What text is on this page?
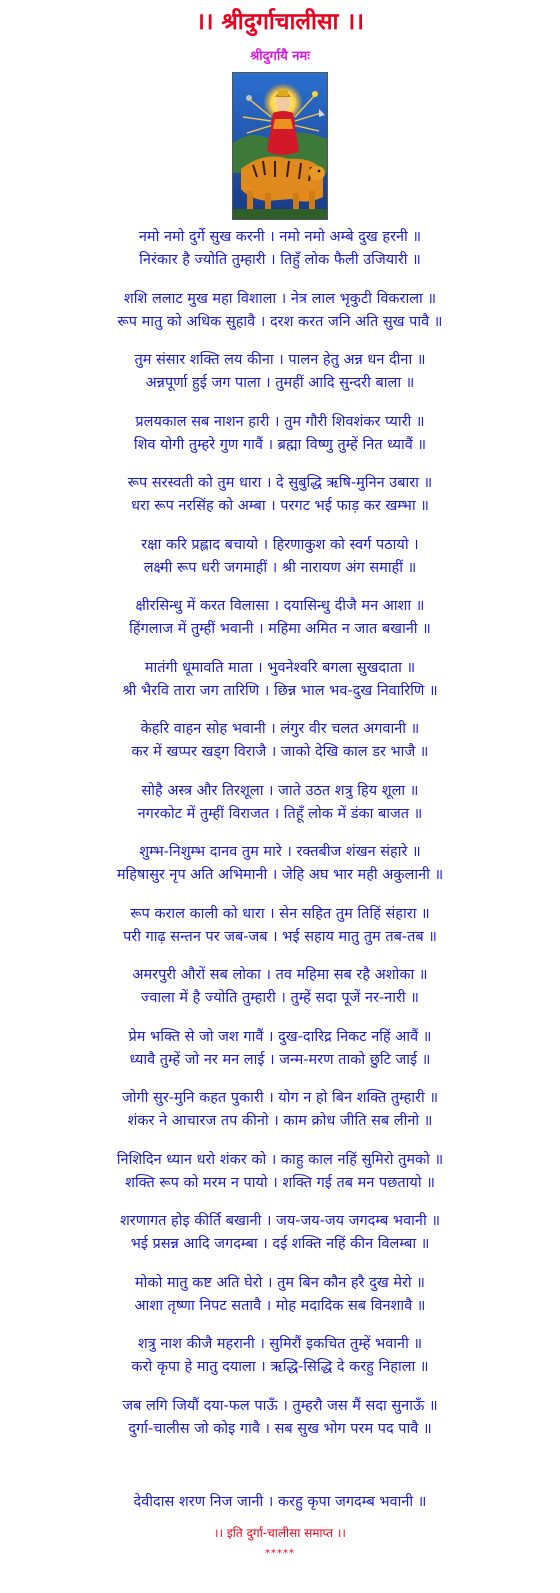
।। श्रीदुर्गाचालीसा ।।
श्रीदुर्गायै नमः
नमो नमो दुर्गे सुख करनी । नमो नमो अम्बे दुख हरनी ॥
निरंकार है ज्योति तुम्हारी । तिहुँ लोक फैली उजियारी ॥
शशि ललाट मुख महा विशाला । नेत्र लाल भृकुटी विकराला ॥
रूप मातु को अधिक सुहावै । दरश करत जनि अति सुख पावै ॥
तुम संसार शक्ति लय कीना । पालन हेतु अन्न धन दीना ॥
अन्नपूर्णा हुई जग पाला । तुमहीं आदि सुन्दरी बाला ॥
प्रलयकाल सब नाशन हारी । तुम गौरी शिवशंकर प्यारी ॥
शिव योगी तुम्हरे गुण गावैं । ब्रह्मा विष्णु तुम्हें नित ध्यावैं ॥
रूप सरस्वती को तुम धारा । दे सुबुद्धि ऋषि-मुनिन उबारा ॥
धरा रूप नरसिंह को अम्बा । परगट भई फाड़ कर खम्भा ॥
रक्षा करि प्रह्लाद बचायो । हिरणाकुश को स्वर्ग पठायो ।
लक्ष्मी रूप धरी जगमाहीं । श्री नारायण अंग समाहीं ॥
क्षीरसिन्धु में करत विलासा । दयासिन्धु दीजै मन आशा ॥
हिंगलाज में तुम्हीं भवानी । महिमा अमित न जात बखानी ॥
मातंगी धूमावति माता । भुवनेश्वरि बगला सुखदाता ॥
श्री भैरवि तारा जग तारिणि । छिन्न भाल भव-दुख निवारिणि ॥
केहरि वाहन सोह भवानी । लंगुर वीर चलत अगवानी ॥
कर में खप्पर खड्ग विराजै । जाको देखि काल डर भाजै ॥
सोहै अस्त्र और तिरशूला । जाते उठत शत्रु हिय शूला ॥
नगरकोट में तुम्हीं विराजत । तिहूँ लोक में डंका बाजत ॥
शुम्भ-निशुम्भ दानव तुम मारे । रक्तबीज शंखन संहारे ॥
महिषासुर नृप अति अभिमानी । जेहि अघ भार मही अकुलानी ॥
रूप कराल काली को धारा । सेन सहित तुम तिहिं संहारा ॥
परी गाढ़ सन्तन पर जब-जब । भई सहाय मातु तुम तब-तब ॥
अमरपुरी औरों सब लोका । तव महिमा सब रहै अशोका ॥
ज्वाला में है ज्योति तुम्हारी । तुम्हें सदा पूजें नर-नारी ॥
प्रेम भक्ति से जो जश गावैं । दुख-दारिद्र निकट नहिं आवैं ॥
ध्यावै तुम्हें जो नर मन लाई । जन्म-मरण ताको छुटि जाई ॥
जोगी सुर-मुनि कहत पुकारी । योग न हो बिन शक्ति तुम्हारी ॥
शंकर ने आचारज तप कीनो । काम क्रोध जीति सब लीनो ॥
निशिदिन ध्यान धरो शंकर को । काहु काल नहिं सुमिरो तुमको ॥
शक्ति रूप को मरम न पायो । शक्ति गई तब मन पछतायो ॥
शरणागत होइ कीर्ति बखानी । जय-जय-जय जगदम्ब भवानी ॥
भई प्रसन्न आदि जगदम्बा । दई शक्ति नहिं कीन विलम्बा ॥
मोको मातु कष्ट अति घेरो । तुम बिन कौन हरै दुख मेरो ॥
आशा तृष्णा निपट सतावै । मोह मदादिक सब विनशावै ॥
शत्रु नाश कीजै महरानी । सुमिरौं इकचित तुम्हें भवानी ॥
करो कृपा हे मातु दयाला । ऋद्धि-सिद्धि दे करहु निहाला ॥
जब लगि जियौं दया-फल पाऊँ । तुम्हरौ जस मैं सदा सुनाऊँ ॥
दुर्गा-चालीस जो कोइ गावै । सब सुख भोग परम पद पावै ॥
देवीदास शरण निज जानी । करहु कृपा जगदम्ब भवानी ॥
।। इति दुर्गा-चालीसा समाप्त ।।
*****
